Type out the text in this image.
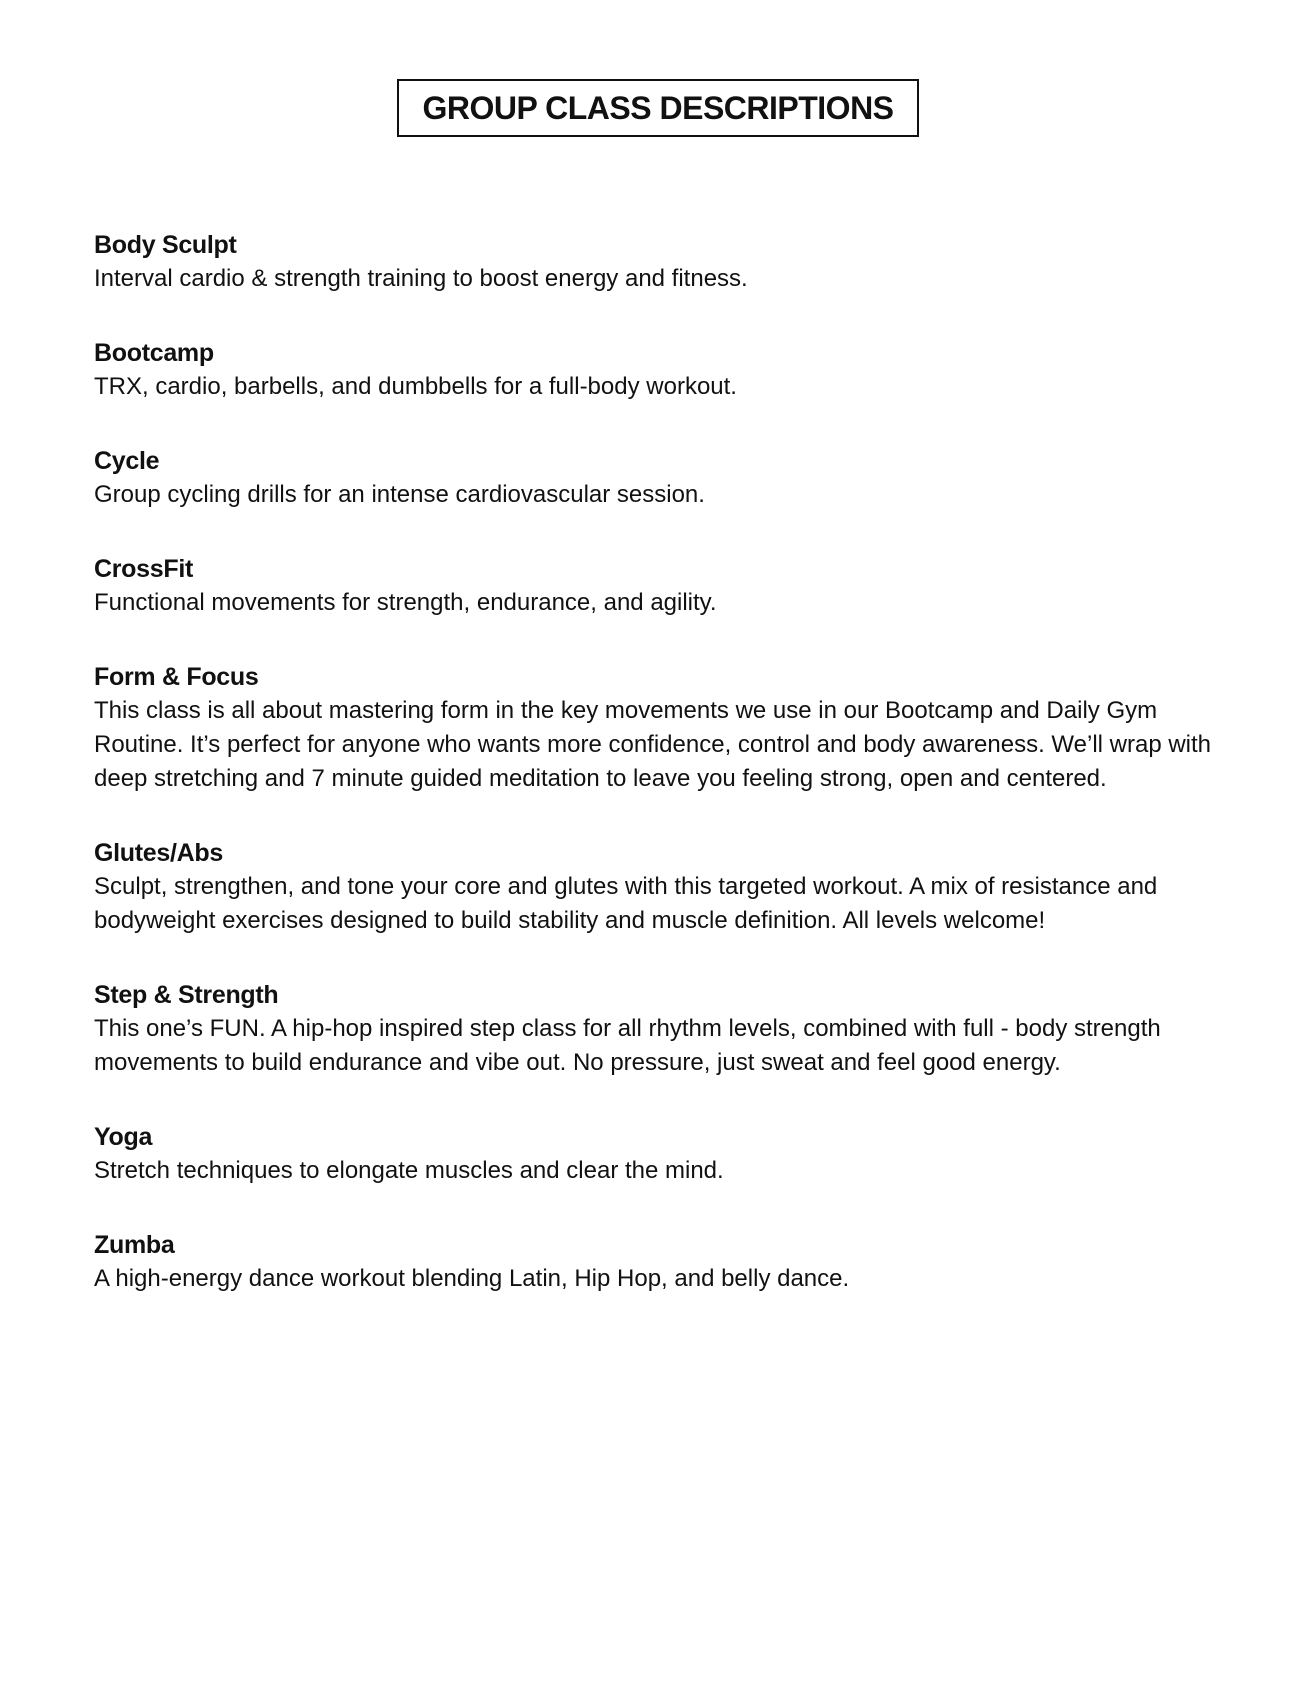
GROUP CLASS DESCRIPTIONS
Body Sculpt
Interval cardio & strength training to boost energy and fitness.
Bootcamp
TRX, cardio, barbells, and dumbbells for a full-body workout.
Cycle
Group cycling drills for an intense cardiovascular session.
CrossFit
Functional movements for strength, endurance, and agility.
Form & Focus
This class is all about mastering form in the key movements we use in our Bootcamp and Daily Gym Routine. It’s perfect for anyone who wants more confidence, control and body awareness. We’ll wrap with deep stretching and 7 minute guided meditation to leave you feeling strong, open and centered.
Glutes/Abs
Sculpt, strengthen, and tone your core and glutes with this targeted workout. A mix of resistance and bodyweight exercises designed to build stability and muscle definition. All levels welcome!
Step & Strength
This one’s FUN. A hip-hop inspired step class for all rhythm levels, combined with full - body strength movements to build endurance and vibe out. No pressure, just sweat and feel good energy.
Yoga
Stretch techniques to elongate muscles and clear the mind.
Zumba
A high-energy dance workout blending Latin, Hip Hop, and belly dance.
